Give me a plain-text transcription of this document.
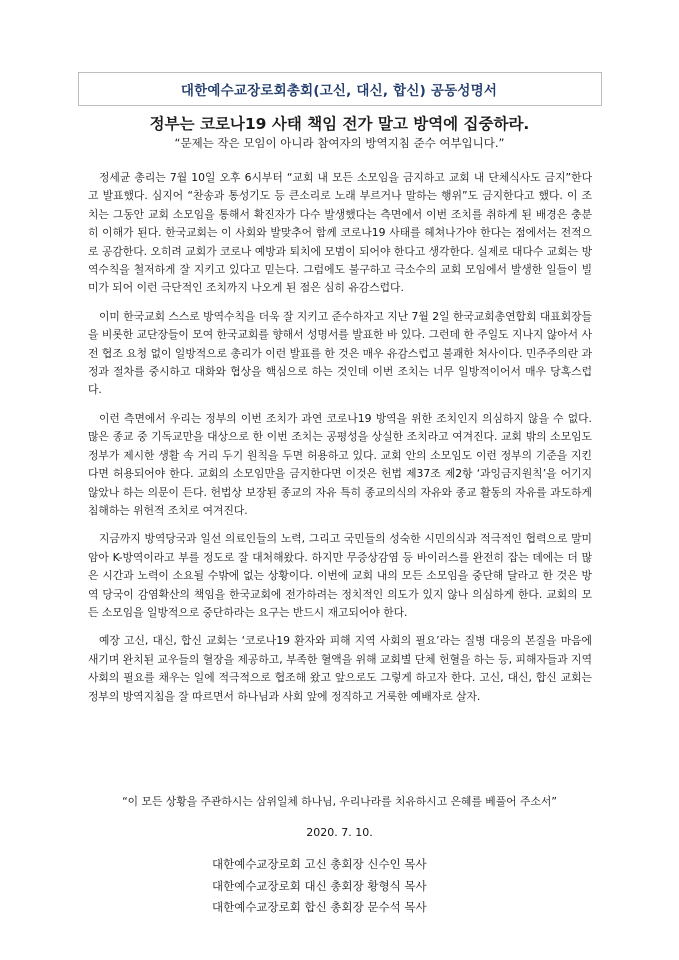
대한예수교장로회총회(고신, 대신, 합신) 공동성명서
정부는 코로나19 사태 책임 전가 말고 방역에 집중하라.
“문제는 작은 모임이 아니라 참여자의 방역지침 준수 여부입니다.”

정세균 총리는 7월 10일 오후 6시부터 “교회 내 모든 소모임을 금지하고 교회 내 단체식사도 금지”한다고 발표했다. 심지어 “찬송과 통성기도 등 큰소리로 노래 부르거나 말하는 행위”도 금지한다고 했다. 이 조치는 그동안 교회 소모임을 통해서 확진자가 다수 발생했다는 측면에서 이번 조치를 취하게 된 배경은 충분히 이해가 된다. 한국교회는 이 사회와 발맞추어 함께 코로나19 사태를 헤쳐나가야 한다는 점에서는 전적으로 공감한다. 오히려 교회가 코로나 예방과 퇴치에 모범이 되어야 한다고 생각한다. 실제로 대다수 교회는 방역수칙을 철저하게 잘 지키고 있다고 믿는다. 그럼에도 불구하고 극소수의 교회 모임에서 발생한 일들이 빌미가 되어 이런 극단적인 조치까지 나오게 된 점은 심히 유감스럽다.

이미 한국교회 스스로 방역수칙을 더욱 잘 지키고 준수하자고 지난 7월 2일 한국교회총연합회 대표회장들을 비롯한 교단장들이 모여 한국교회를 향해서 성명서를 발표한 바 있다. 그런데 한 주일도 지나지 않아서 사전 협조 요청 없이 일방적으로 총리가 이런 발표를 한 것은 매우 유감스럽고 불괘한 처사이다. 민주주의란 과정과 절차를 중시하고 대화와 협상을 핵심으로 하는 것인데 이번 조치는 너무 일방적이어서 매우 당혹스럽다.

이런 측면에서 우리는 정부의 이번 조치가 과연 코로나19 방역을 위한 조치인지 의심하지 않을 수 없다. 많은 종교 중 기독교만을 대상으로 한 이번 조치는 공평성을 상실한 조치라고 여겨진다. 교회 밖의 소모임도 정부가 제시한 생활 속 거리 두기 원칙을 두면 허용하고 있다. 교회 안의 소모임도 이런 정부의 기준을 지킨다면 허용되어야 한다. 교회의 소모임만을 금지한다면 이것은 헌법 제37조 제2항 ‘과잉금지원칙’을 어기지 않았나 하는 의문이 든다. 헌법상 보장된 종교의 자유 특히 종교의식의 자유와 종교 활동의 자유를 과도하게 침해하는 위헌적 조치로 여겨진다.

지금까지 방역당국과 일선 의료인들의 노력, 그리고 국민들의 성숙한 시민의식과 적극적인 협력으로 말미암아 K-방역이라고 부를 정도로 잘 대처해왔다. 하지만 무증상감염 등 바이러스를 완전히 잡는 데에는 더 많은 시간과 노력이 소요될 수밖에 없는 상황이다. 이번에 교회 내의 모든 소모임을 중단해 달라고 한 것은 방역 당국이 감염확산의 책임을 한국교회에 전가하려는 정치적인 의도가 있지 않나 의심하게 한다. 교회의 모든 소모임을 일방적으로 중단하라는 요구는 반드시 재고되어야 한다.

예장 고신, 대신, 합신 교회는 ‘코로나19 환자와 피해 지역 사회의 필요’라는 질병 대응의 본질을 마음에 새기며 완치된 교우들의 혈장을 제공하고, 부족한 혈액을 위해 교회별 단체 헌혈을 하는 등, 피해자들과 지역사회의 필요를 채우는 일에 적극적으로 협조해 왔고 앞으로도 그렇게 하고자 한다. 고신, 대신, 합신 교회는 정부의 방역지침을 잘 따르면서 하나님과 사회 앞에 정직하고 거룩한 예배자로 살자.

“이 모든 상황을 주관하시는 삼위일체 하나님, 우리나라를 치유하시고 은혜를 베풀어 주소서”
2020. 7. 10.
대한예수교장로회 고신 총회장 신수인 목사
대한예수교장로회 대신 총회장 황형식 목사
대한예수교장로회 합신 총회장 문수석 목사
